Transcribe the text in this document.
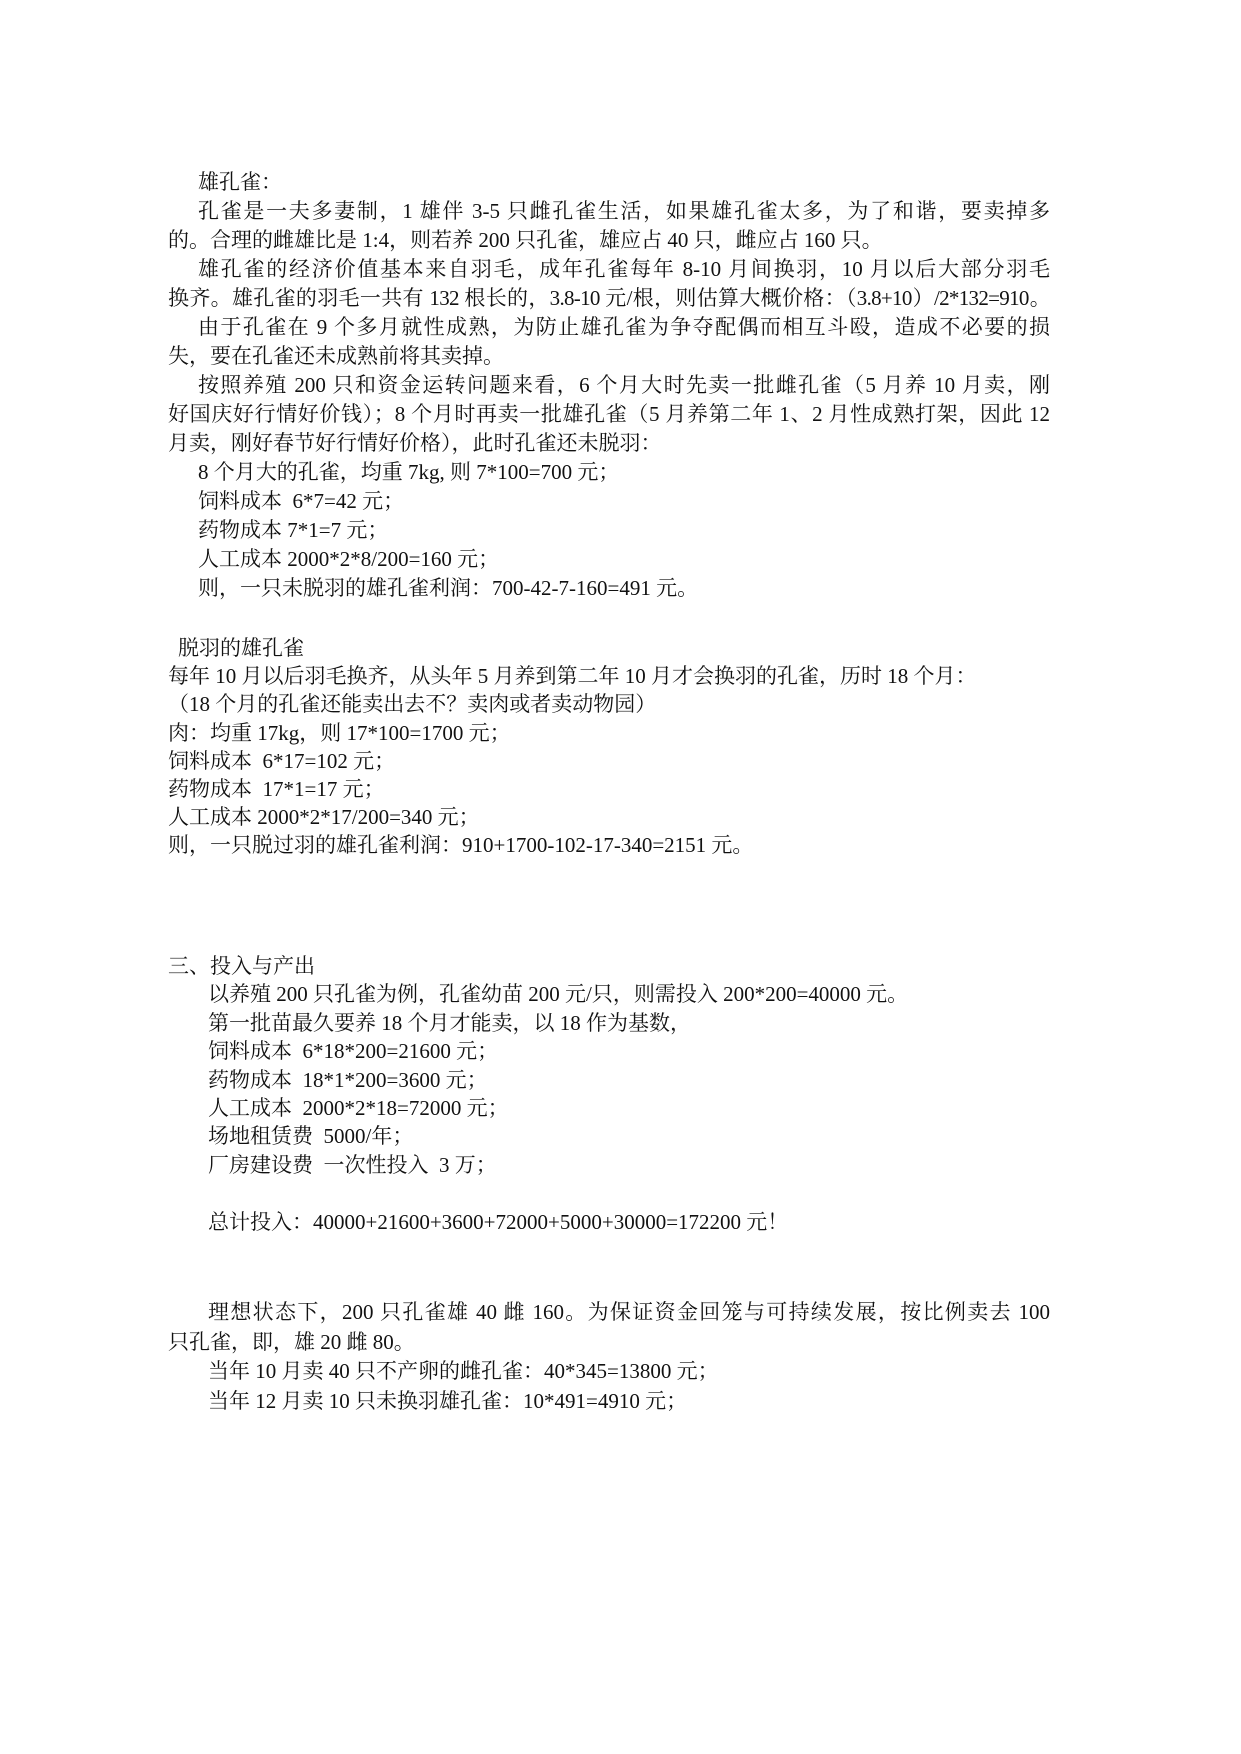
雄孔雀：
孔雀是一夫多妻制，1 雄伴 3-5 只雌孔雀生活，如果雄孔雀太多，为了和谐，要卖掉多
的。合理的雌雄比是 1:4，则若养 200 只孔雀，雄应占 40 只，雌应占 160 只。
雄孔雀的经济价值基本来自羽毛，成年孔雀每年 8-10 月间换羽，10 月以后大部分羽毛
换齐。雄孔雀的羽毛一共有 132 根长的，3.8-10 元/根，则估算大概价格：（3.8+10）/2*132=910。
由于孔雀在 9 个多月就性成熟，为防止雄孔雀为争夺配偶而相互斗殴，造成不必要的损
失，要在孔雀还未成熟前将其卖掉。
按照养殖 200 只和资金运转问题来看，6 个月大时先卖一批雌孔雀（5 月养 10 月卖，刚
好国庆好行情好价钱）；8 个月时再卖一批雄孔雀（5 月养第二年 1、2 月性成熟打架，因此 12
月卖，刚好春节好行情好价格），此时孔雀还未脱羽：
8 个月大的孔雀，均重 7kg, 则 7*100=700 元；
饲料成本  6*7=42 元；
药物成本 7*1=7 元；
人工成本 2000*2*8/200=160 元；
则，一只未脱羽的雄孔雀利润：700-42-7-160=491 元。
脱羽的雄孔雀
每年 10 月以后羽毛换齐，从头年 5 月养到第二年 10 月才会换羽的孔雀，历时 18 个月：
（18 个月的孔雀还能卖出去不？卖肉或者卖动物园）
肉：均重 17kg，则 17*100=1700 元；
饲料成本  6*17=102 元；
药物成本  17*1=17 元；
人工成本 2000*2*17/200=340 元；
则，一只脱过羽的雄孔雀利润：910+1700-102-17-340=2151 元。
三、投入与产出
以养殖 200 只孔雀为例，孔雀幼苗 200 元/只，则需投入 200*200=40000 元。
第一批苗最久要养 18 个月才能卖，以 18 作为基数，
饲料成本  6*18*200=21600 元；
药物成本  18*1*200=3600 元；
人工成本  2000*2*18=72000 元；
场地租赁费  5000/年；
厂房建设费  一次性投入  3 万；
总计投入：40000+21600+3600+72000+5000+30000=172200 元！
理想状态下，200 只孔雀雄 40 雌 160。为保证资金回笼与可持续发展，按比例卖去 100
只孔雀，即，雄 20 雌 80。
当年 10 月卖 40 只不产卵的雌孔雀：40*345=13800 元；
当年 12 月卖 10 只未换羽雄孔雀：10*491=4910 元；
